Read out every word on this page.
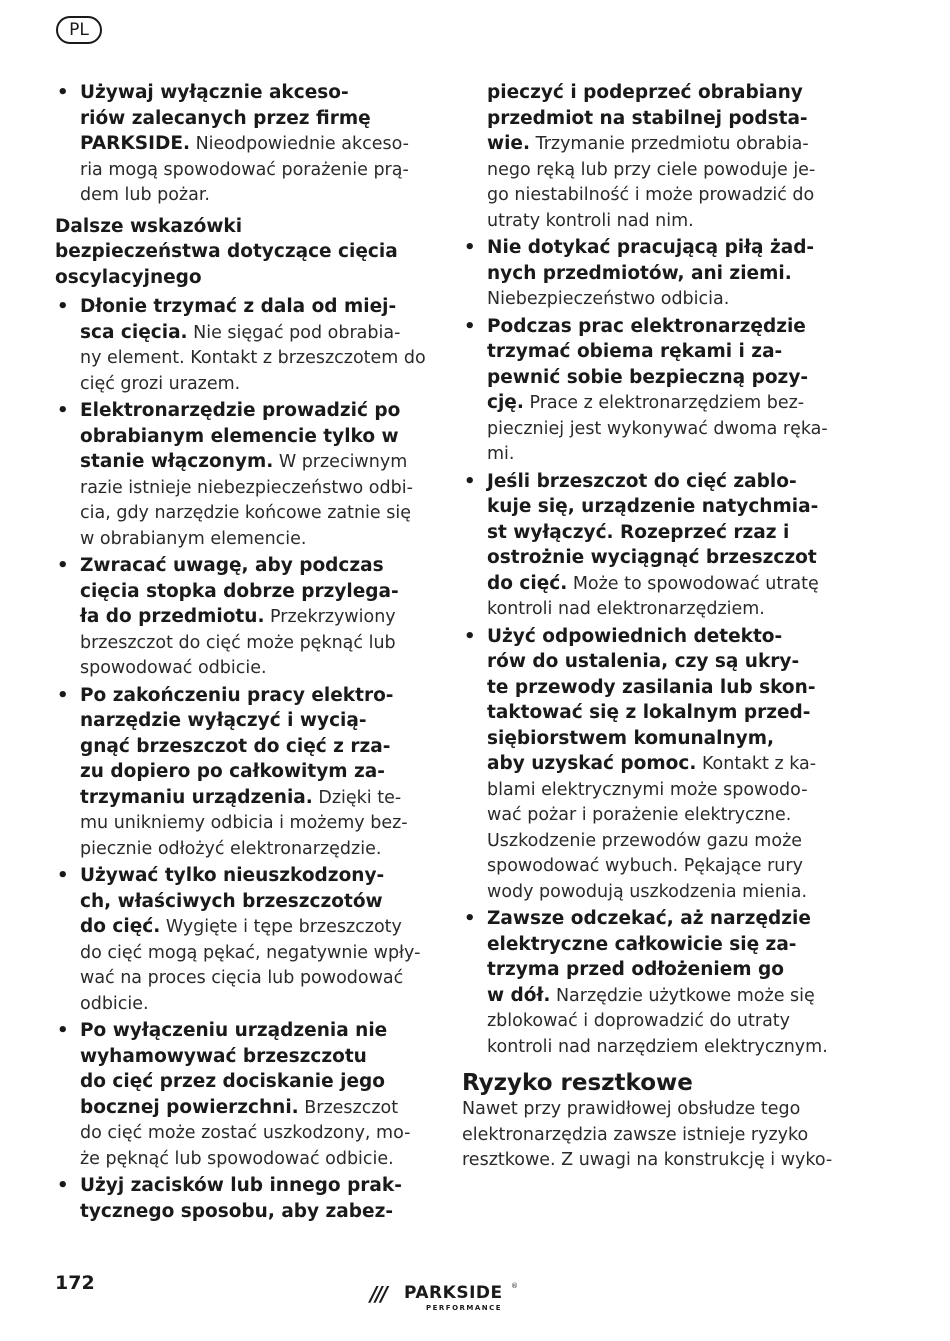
PL
• Używaj wyłącznie akceso-
riów zalecanych przez firmę
PARKSIDE. Nieodpowiednie akceso-
ria mogą spowodować porażenie prą-
dem lub pożar.
Dalsze wskazówki
bezpieczeństwa dotyczące cięcia
oscylacyjnego
• Dłonie trzymać z dala od miej-
sca cięcia. Nie sięgać pod obrabia-
ny element. Kontakt z brzeszczotem do
cięć grozi urazem.
• Elektronarzędzie prowadzić po
obrabianym elemencie tylko w
stanie włączonym. W przeciwnym
razie istnieje niebezpieczeństwo odbi-
cia, gdy narzędzie końcowe zatnie się
w obrabianym elemencie.
• Zwracać uwagę, aby podczas
cięcia stopka dobrze przylega-
ła do przedmiotu. Przekrzywiony
brzeszczot do cięć może pęknąć lub
spowodować odbicie.
• Po zakończeniu pracy elektro-
narzędzie wyłączyć i wycią-
gnąć brzeszczot do cięć z rza-
zu dopiero po całkowitym za-
trzymaniu urządzenia. Dzięki te-
mu unikniemy odbicia i możemy bez-
piecznie odłożyć elektronarzędzie.
• Używać tylko nieuszkodzony-
ch, właściwych brzeszczotów
do cięć. Wygięte i tępe brzeszczoty
do cięć mogą pękać, negatywnie wpły-
wać na proces cięcia lub powodować
odbicie.
• Po wyłączeniu urządzenia nie
wyhamowywać brzeszczotu
do cięć przez dociskanie jego
bocznej powierzchni. Brzeszczot
do cięć może zostać uszkodzony, mo-
że pęknąć lub spowodować odbicie.
• Użyj zacisków lub innego prak-
tycznego sposobu, aby zabez-
pieczyć i podeprzeć obrabiany
przedmiot na stabilnej podsta-
wie. Trzymanie przedmiotu obrabia-
nego ręką lub przy ciele powoduje je-
go niestabilność i może prowadzić do
utraty kontroli nad nim.
• Nie dotykać pracującą piłą żad-
nych przedmiotów, ani ziemi.
Niebezpieczeństwo odbicia.
• Podczas prac elektronarzędzie
trzymać obiema rękami i za-
pewnić sobie bezpieczną pozy-
cję. Prace z elektronarzędziem bez-
pieczniej jest wykonywać dwoma ręka-
mi.
• Jeśli brzeszczot do cięć zablo-
kuje się, urządzenie natychmia-
st wyłączyć. Rozeprzeć rzaz i
ostrożnie wyciągnąć brzeszczot
do cięć. Może to spowodować utratę
kontroli nad elektronarzędziem.
• Użyć odpowiednich detekto-
rów do ustalenia, czy są ukry-
te przewody zasilania lub skon-
taktować się z lokalnym przed-
siębiorstwem komunalnym,
aby uzyskać pomoc. Kontakt z ka-
blami elektrycznymi może spowodo-
wać pożar i porażenie elektryczne.
Uszkodzenie przewodów gazu może
spowodować wybuch. Pękające rury
wody powodują uszkodzenia mienia.
• Zawsze odczekać, aż narzędzie
elektryczne całkowicie się za-
trzyma przed odłożeniem go
w dół. Narzędzie użytkowe może się
zblokować i doprowadzić do utraty
kontroli nad narzędziem elektrycznym.
Ryzyko resztkowe
Nawet przy prawidłowej obsłudze tego
elektronarzędzia zawsze istnieje ryzyko
resztkowe. Z uwagi na konstrukcję i wyko-
172	/// PARKSIDE ®
PERFORMANCE
